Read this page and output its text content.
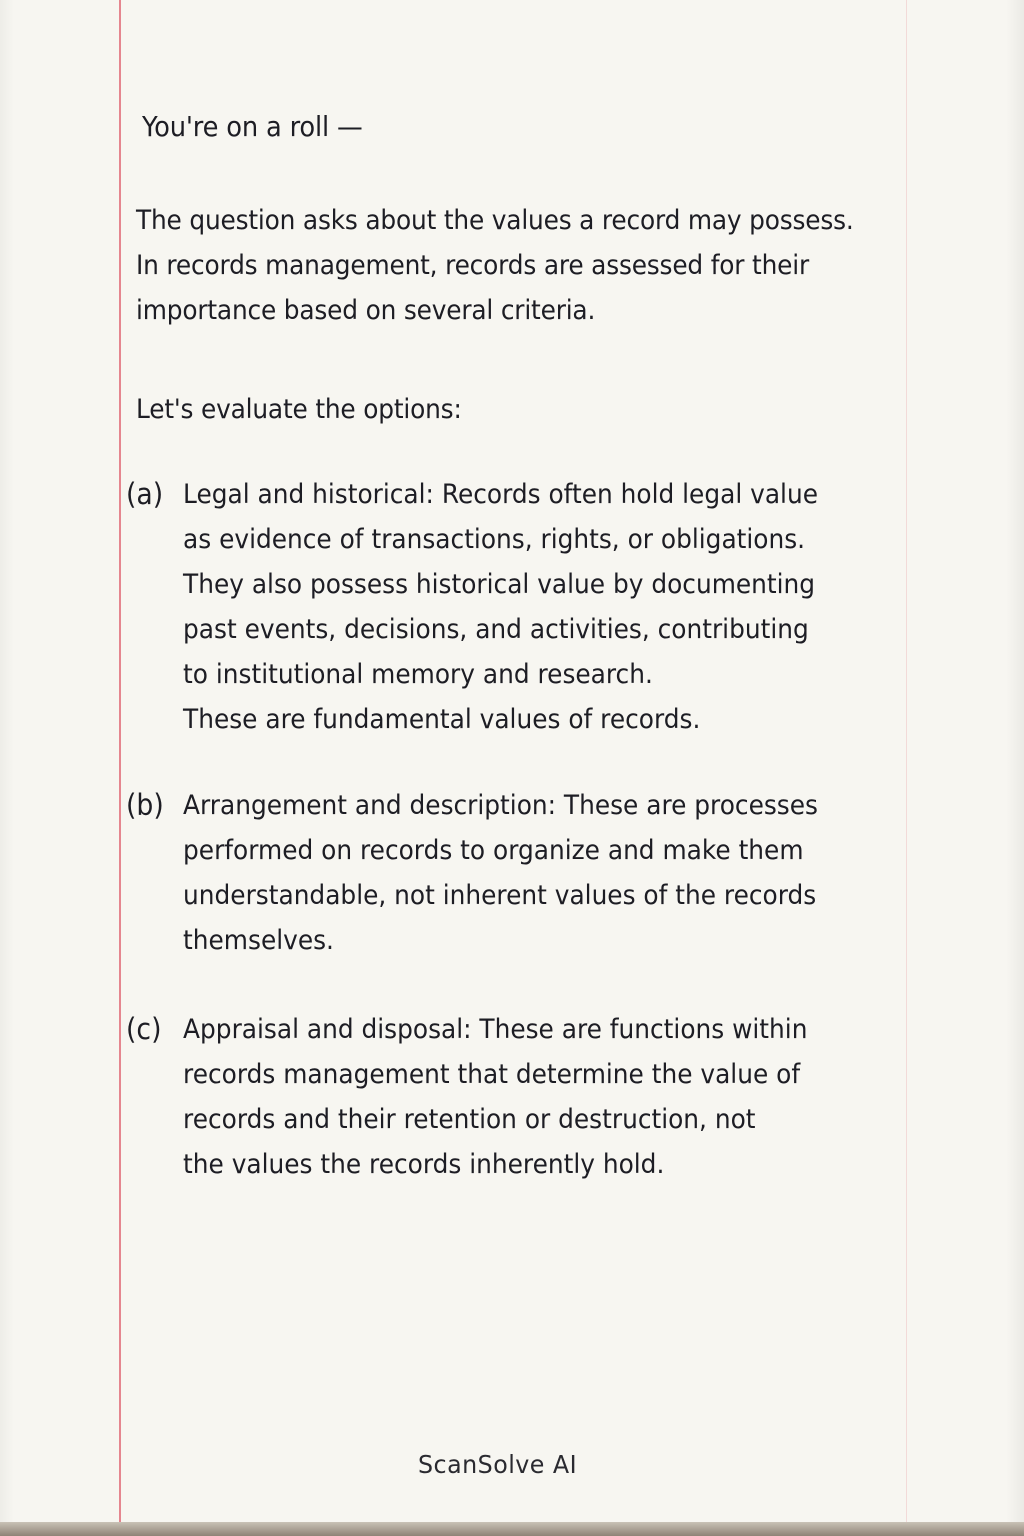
You're on a roll —
The question asks about the values a record may possess.
In records management, records are assessed for their
importance based on several criteria.
Let's evaluate the options:
(a) Legal and historical: Records often hold legal value
as evidence of transactions, rights, or obligations.
They also possess historical value by documenting
past events, decisions, and activities, contributing
to institutional memory and research.
These are fundamental values of records.
(b) Arrangement and description: These are processes
performed on records to organize and make them
understandable, not inherent values of the records
themselves.
(c) Appraisal and disposal: These are functions within
records management that determine the value of
records and their retention or destruction, not
the values the records inherently hold.
ScanSolve AI
